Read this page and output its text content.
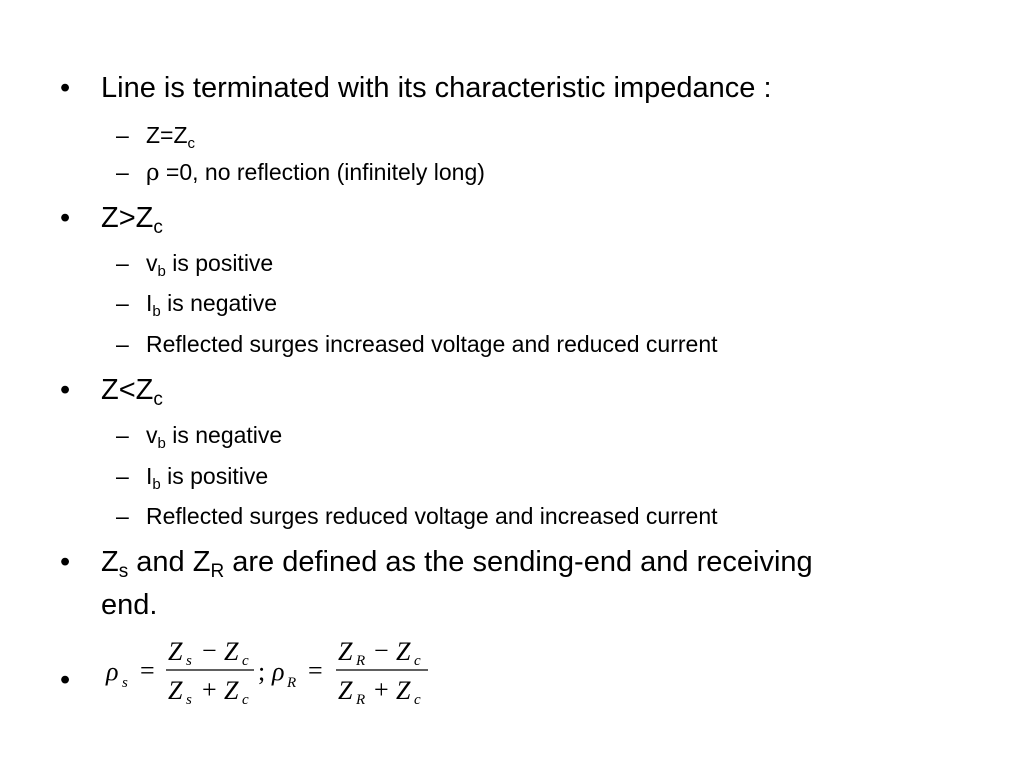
• Line is terminated with its characteristic impedance :
– $Z=Z_c$
– ρ =0, no reflection (infinitely long)
• $Z>Z_c$
– $v_b$ is positive
– $I_b$ is negative
– Reflected surges increased voltage and reduced current
• $Z<Z_c$
– $v_b$ is negative
– $I_b$ is positive
– Reflected surges reduced voltage and increased current
• $Z_s$ and $Z_R$ are defined as the sending-end and receiving
end.
• ρ s =
Z s − Z c
Z s + Z c
; ρ R =
Z R − Z c
Z R + Z c
